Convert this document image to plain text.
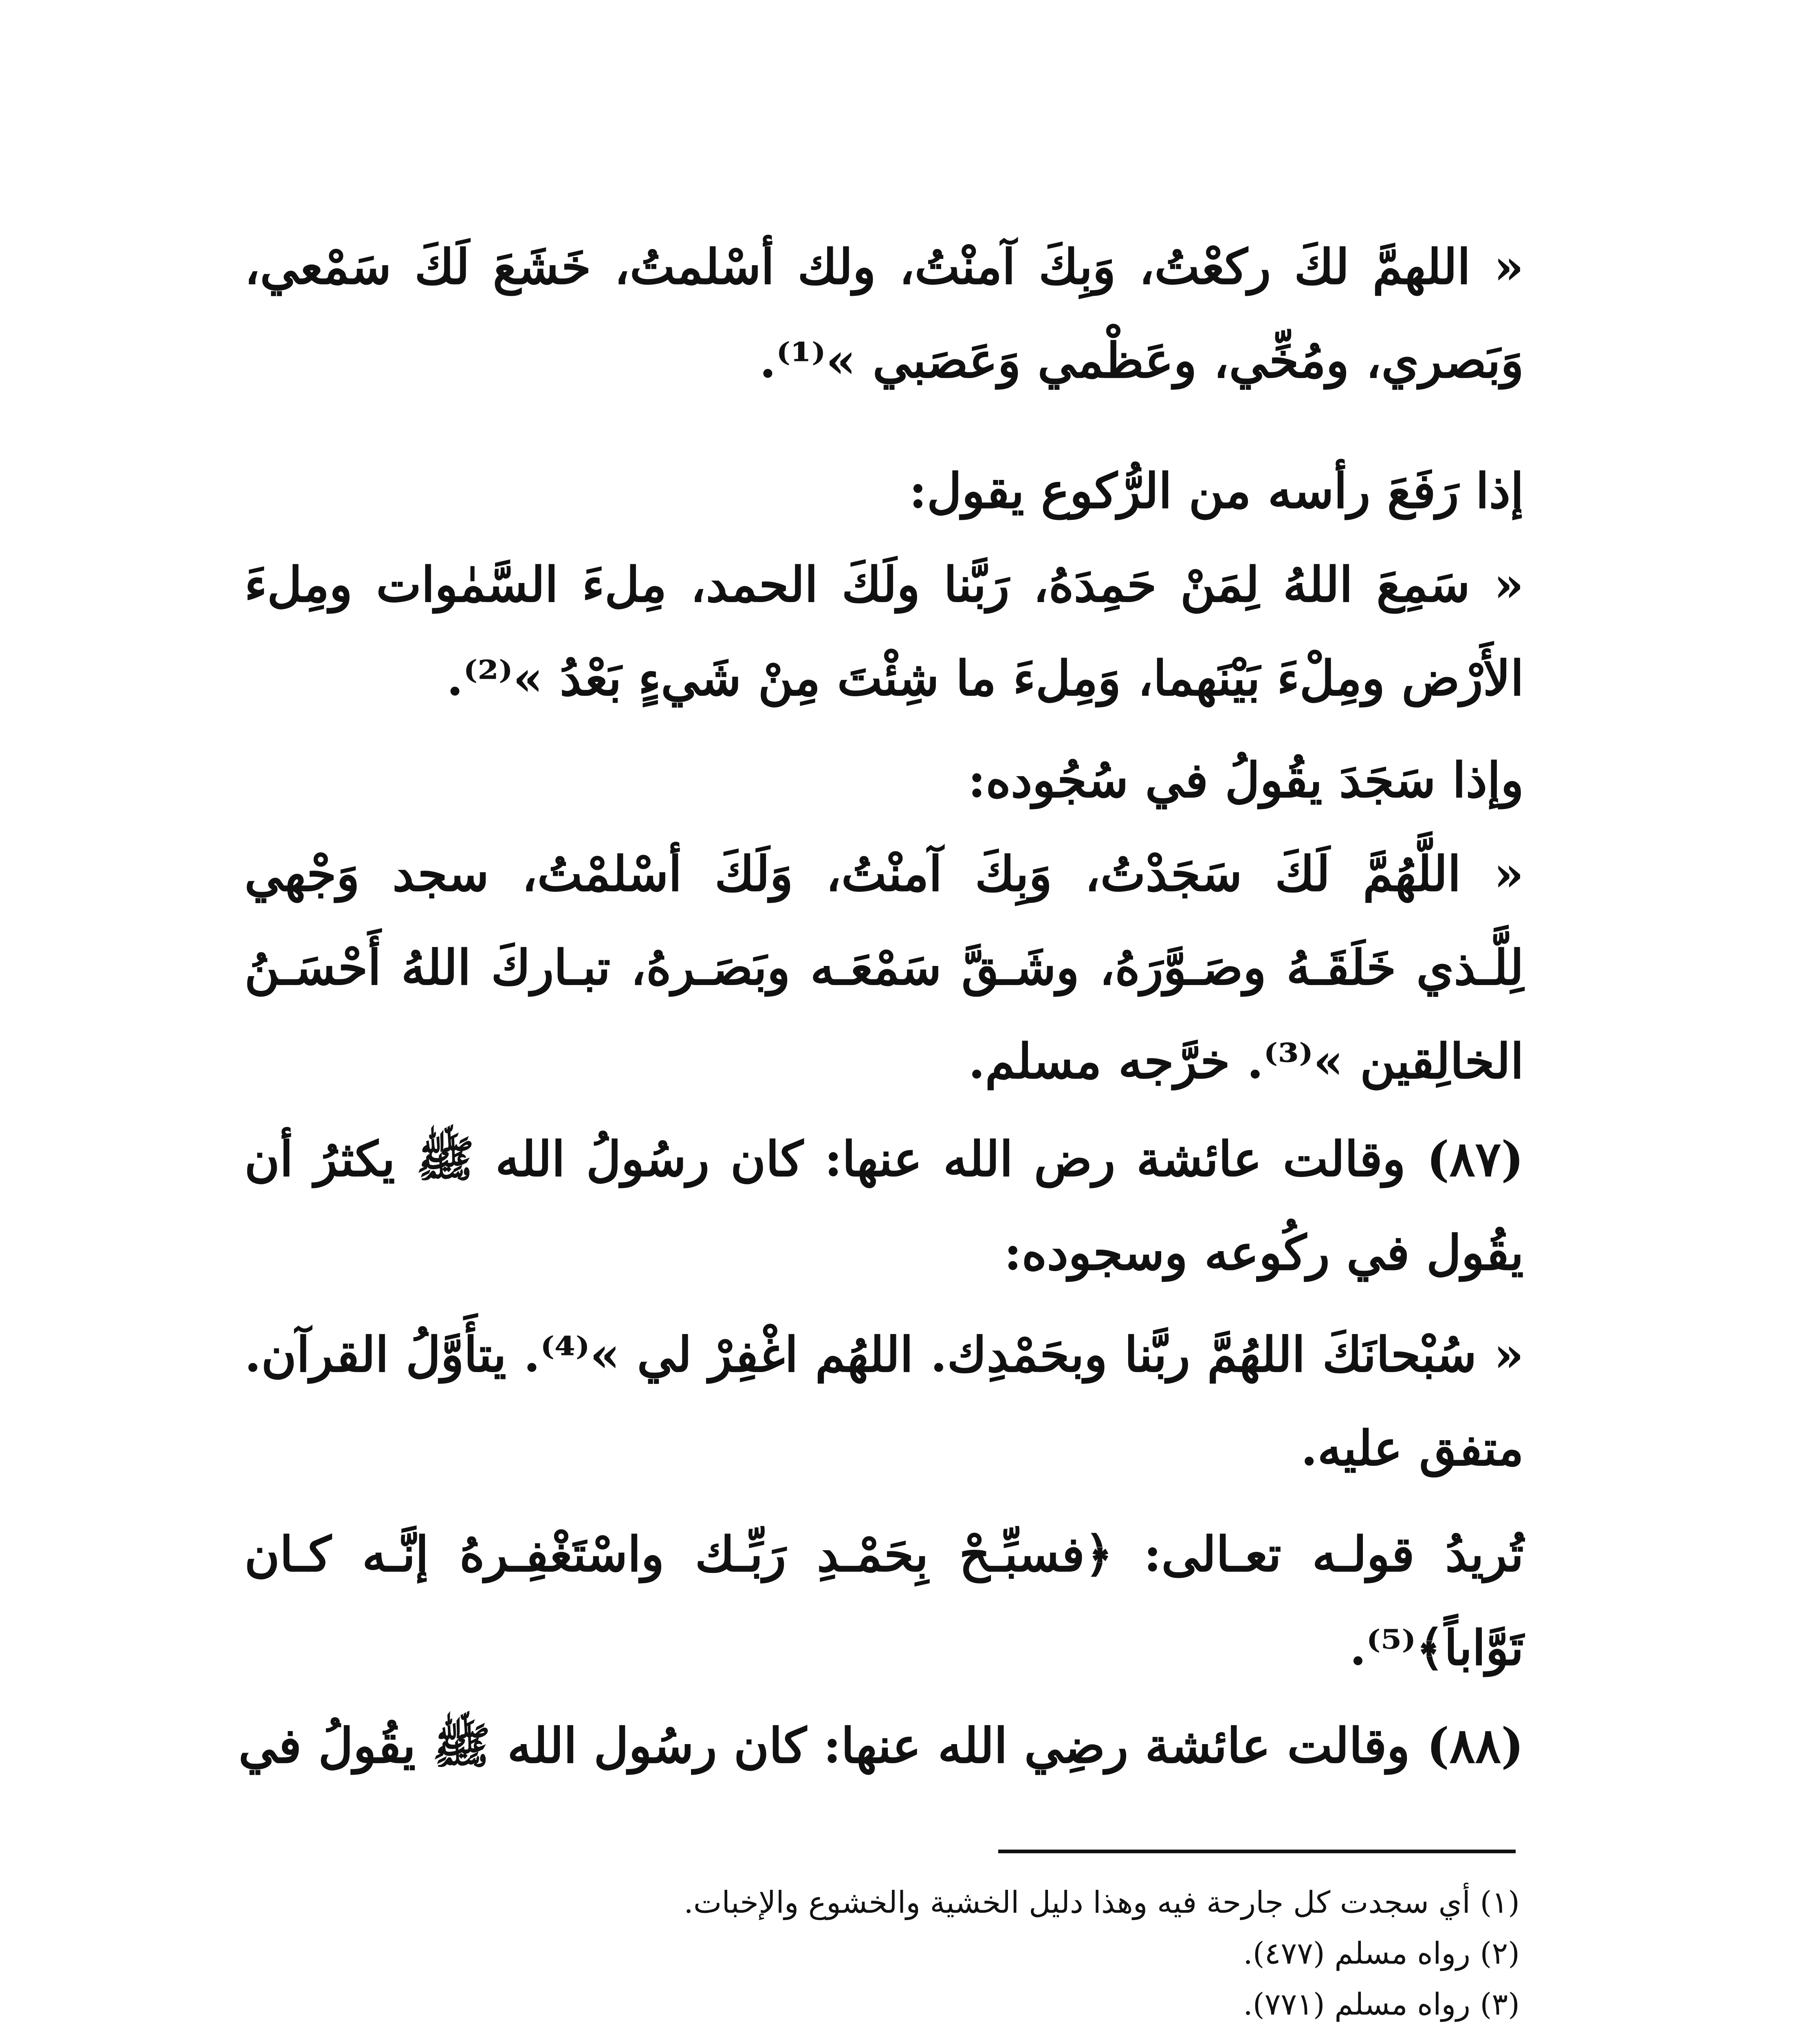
« اللهمَّ لكَ ركعْتُ، وَبِكَ آمنْتُ، ولك أسْلمتُ، خَشَعَ لَكَ سَمْعي،
وَبَصري، ومُخِّي، وعَظْمي وَعَصَبي »⁽¹⁾.
إذا رَفَعَ رأسه من الرُّكوع يقول:
« سَمِعَ اللهُ لِمَنْ حَمِدَهُ، رَبَّنا ولَكَ الحمد، مِلءَ السَّمٰوات ومِلءَ
الأَرْض ومِلْءَ بَيْنَهما، وَمِلءَ ما شِئْتَ مِنْ شَيءٍ بَعْدُ »⁽²⁾.
وإذا سَجَدَ يقُولُ في سُجُوده:
« اللَّهُمَّ لَكَ سَجَدْتُ، وَبِكَ آمنْتُ، وَلَكَ أسْلمْتُ، سجد وَجْهي
لِلَّـذي خَلَقَـهُ وصَـوَّرَهُ، وشَـقَّ سَمْعَـه وبَصَـرهُ، تبـاركَ اللهُ أَحْسَـنُ
الخالِقين »⁽³⁾. خرَّجه مسلم.
(٨٧) وقالت عائشة رض الله عنها: كان رسُولُ الله ﷺ يكثرُ أن
يقُول في ركُوعه وسجوده:
« سُبْحانَكَ اللهُمَّ ربَّنا وبحَمْدِك. اللهُم اغْفِرْ لي »⁽⁴⁾. يتأَوَّلُ القرآن.
متفق عليه.
تُريدُ قولـه تعـالى: ﴿فسبِّـحْ بِحَمْـدِ رَبِّـك واسْتَغْفِـرهُ إنَّـه كـان
تَوَّاباً﴾⁽⁵⁾.
(٨٨) وقالت عائشة رضِي الله عنها: كان رسُول الله ﷺ يقُولُ في
(١) أي سجدت كل جارحة فيه وهذا دليل الخشية والخشوع والإخبات.
(٢) رواه مسلم (٤٧٧).
(٣) رواه مسلم (٧٧١).
